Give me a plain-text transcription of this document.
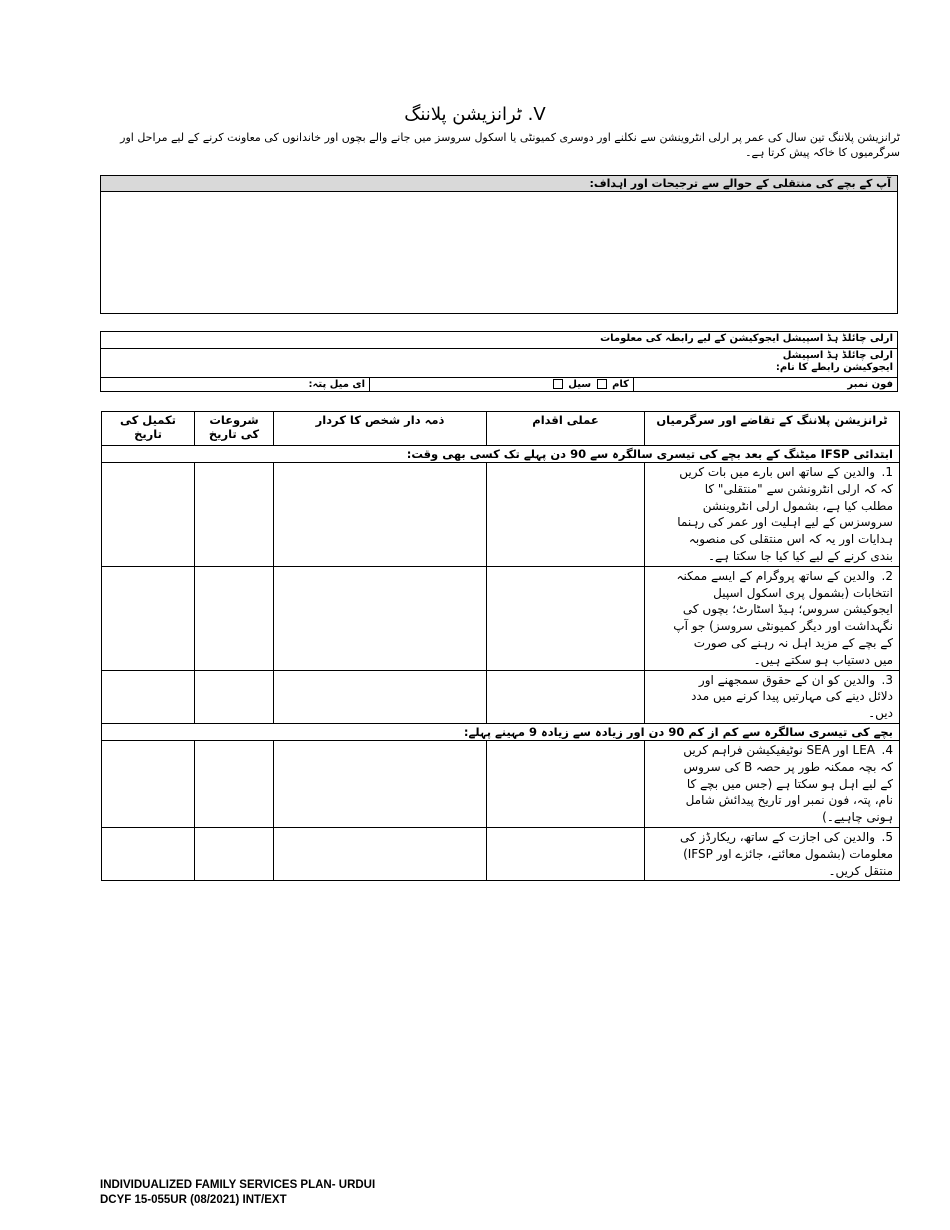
V. ٹرانزیشن پلاننگ
ٹرانزیشن پلاننگ تین سال کی عمر پر ارلی انٹروینشن سے نکلنے اور دوسری کمیونٹی یا اسکول سروسز میں جانے والے بچوں اور خاندانوں کی معاونت کرنے کے لیے مراحل اور سرگرمیوں کا خاکہ پیش کرتا ہے۔
آپ کے بچے کی منتقلی کے حوالے سے ترجیحات اور اہداف:
ارلی چائلڈ ہڈ اسپیشل ایجوکیشن کے لیے رابطہ کی معلومات

ارلی چائلڈ ہڈ اسپیشل ایجوکیشن رابطے کا نام:

فون نمبر	کام  سیل	ای میل پتہ:
ٹرانزیشن پلاننگ کے تقاضے اور سرگرمیاں	عملی اقدام	ذمہ دار شخص کا کردار	شروعات کی تاریخ	تکمیل کی تاریخ
ابتدائی IFSP میٹنگ کے بعد بچے کی تیسری سالگرہ سے 90 دن پہلے تک کسی بھی وقت:				
1.والدین کے ساتھ اس بارے میں بات کریں کہ کہ ارلی انٹرونشن سے "منتقلی" کا مطلب کیا ہے، بشمول ارلی انٹروینشن سروسزس کے لیے اہلیت اور عمر کی رہنما ہدایات اور یہ کہ اس منتقلی کی منصوبہ بندی کرنے کے لیے کیا کیا جا سکتا ہے۔				
2.والدین کے ساتھ پروگرام کے ایسے ممکنہ انتخابات (بشمول پری اسکول اسپیل ایجوکیشن سروس؛ ہیڈ اسٹارٹ؛ بچوں کی نگہداشت اور دیگر کمیونٹی سروسز) جو آپ کے بچے کے مزید اہل نہ رہنے کی صورت میں دستیاب ہو سکتے ہیں۔				
3.والدین کو ان کے حقوق سمجھنے اور دلائل دینے کی مہارتیں پیدا کرنے میں مدد دیں۔				
بچے کی تیسری سالگرہ سے کم از کم 90 دن اور زیادہ سے زیادہ 9 مہینے پہلے:				
4.LEA اور SEA نوٹیفیکیشن فراہم کریں کہ بچہ ممکنہ طور پر حصہ B کی سروس کے لیے اہل ہو سکتا ہے (جس میں بچے کا نام، پتہ، فون نمبر اور تاریخ پیدائش شامل ہونی چاہیے۔)				
5.والدین کی اجازت کے ساتھ، ریکارڈز کی معلومات (بشمول معائنے، جائزے اور IFSP) منتقل کریں۔				
INDIVIDUALIZED FAMILY SERVICES PLAN- URDUI
DCYF 15-055UR (08/2021) INT/EXT
